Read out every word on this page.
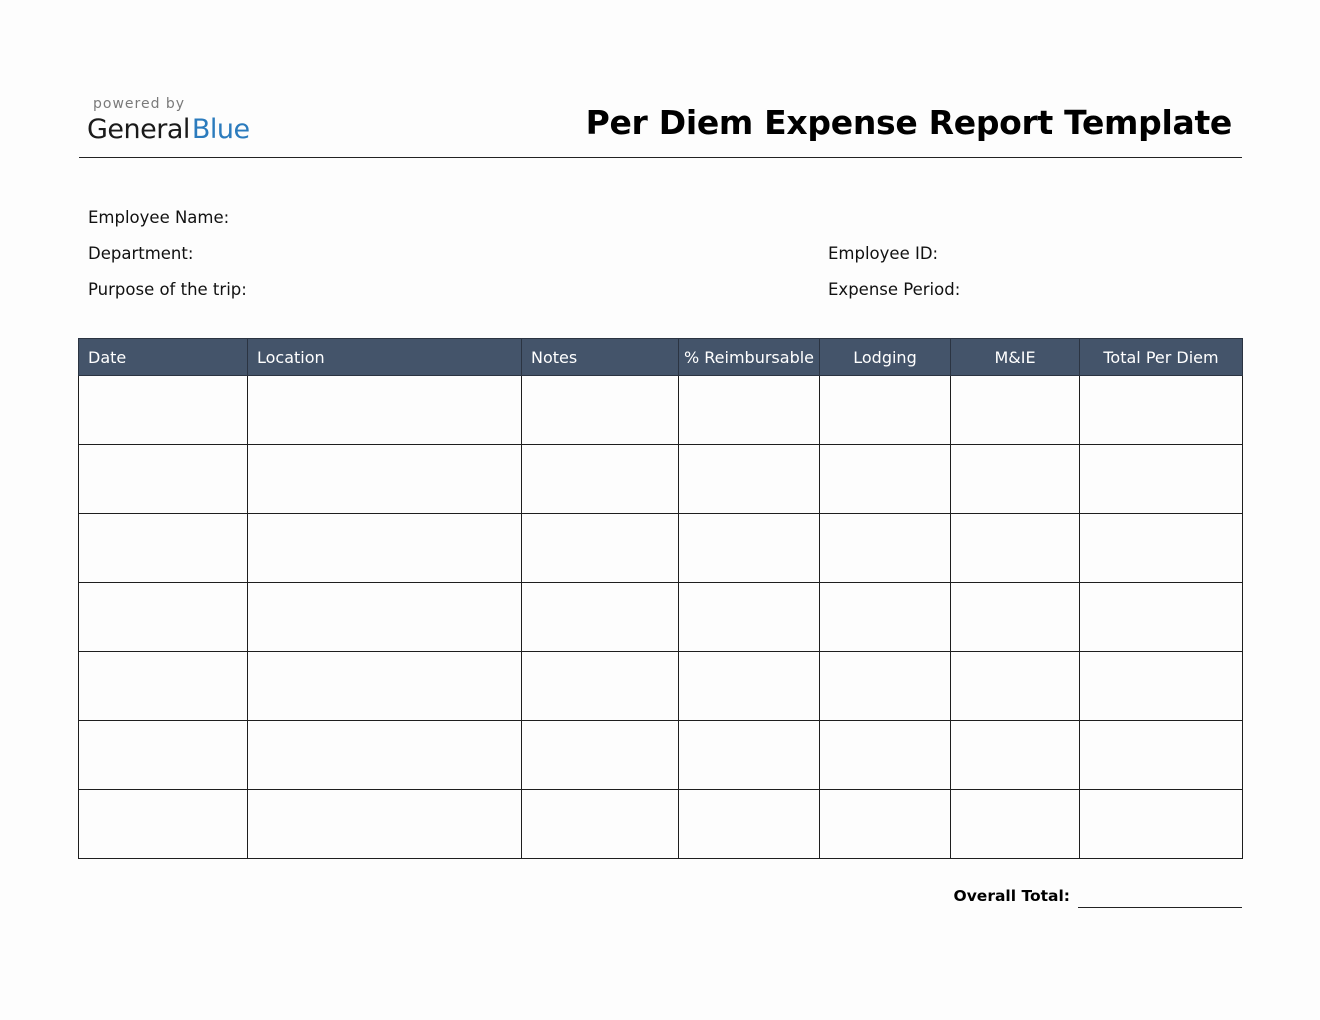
powered by
GeneralBlue	Per Diem Expense Report Template
Employee Name:
Department:
Purpose of the trip:
Employee ID:
Expense Period:
Date	Location	Notes	% Reimbursable	Lodging	M&IE	Total Per Diem

Overall Total:
